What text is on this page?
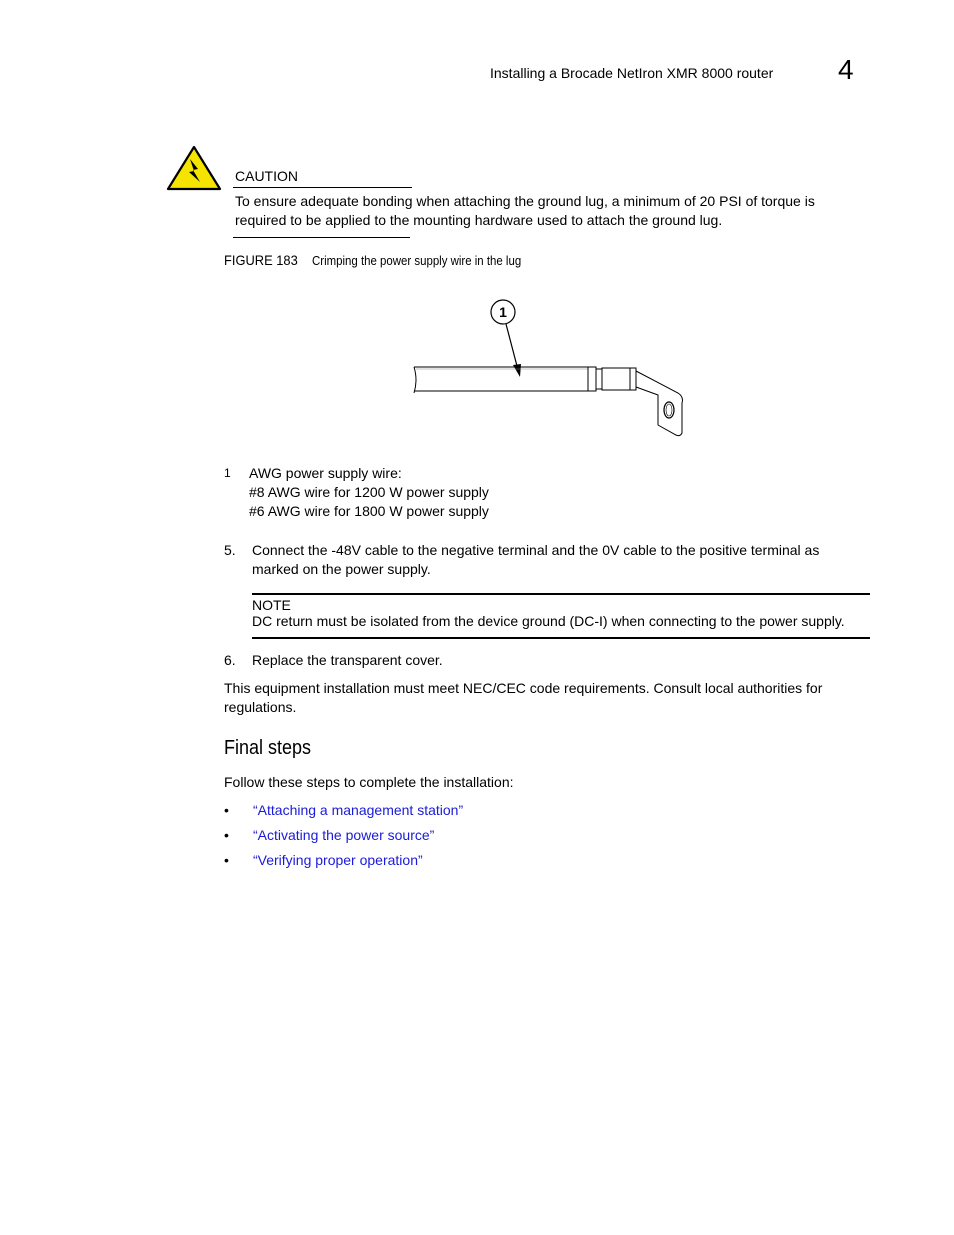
Installing a Brocade NetIron XMR 8000 router 4
CAUTION
To ensure adequate bonding when attaching the ground lug, a minimum of 20 PSI of torque is required to be applied to the mounting hardware used to attach the ground lug.
FIGURE 183 Crimping the power supply wire in the lug
1
1 AWG power supply wire:
#8 AWG wire for 1200 W power supply
#6 AWG wire for 1800 W power supply
5. Connect the -48V cable to the negative terminal and the 0V cable to the positive terminal as marked on the power supply.
NOTE
DC return must be isolated from the device ground (DC-I) when connecting to the power supply.
6. Replace the transparent cover.
This equipment installation must meet NEC/CEC code requirements. Consult local authorities for regulations.
Final steps
Follow these steps to complete the installation:
• “Attaching a management station”
• “Activating the power source”
• “Verifying proper operation”
